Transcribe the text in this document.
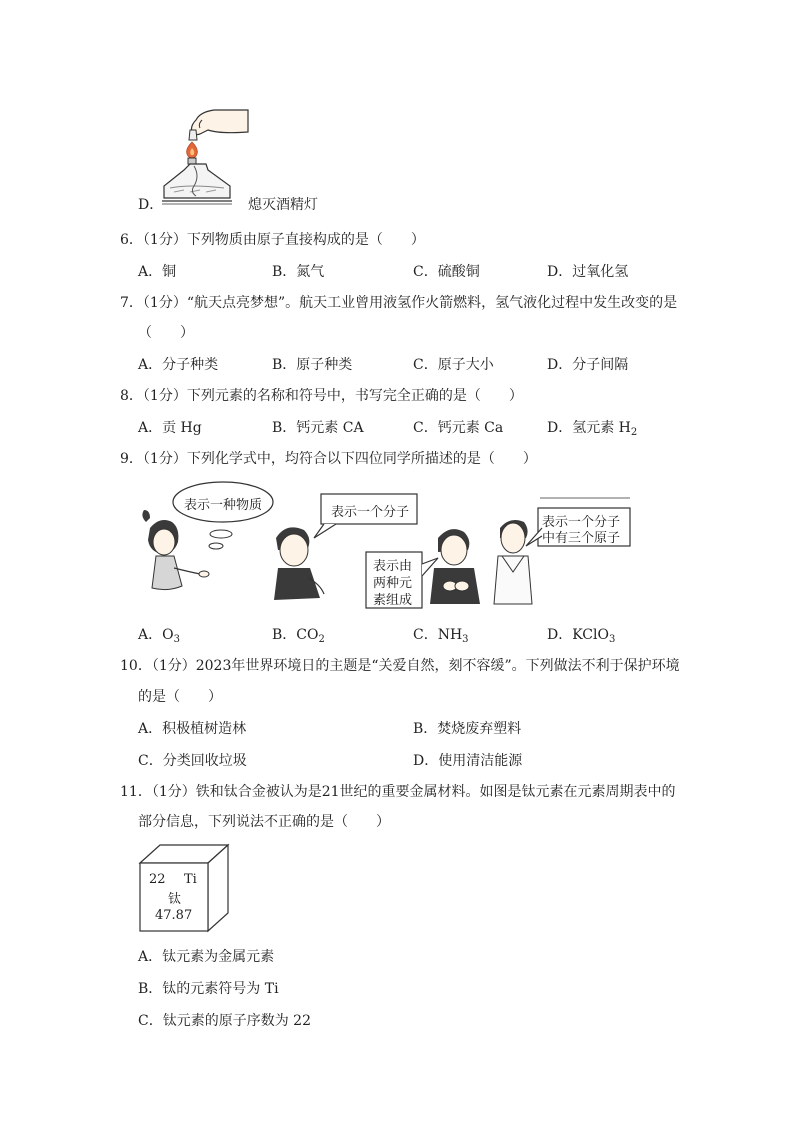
D．	熄灭酒精灯
6．（1分）下列物质由原子直接构成的是（　　）
A．铜	B．氮气	C．硫酸铜	D．过氧化氢
7．（1分）“航天点亮梦想”。航天工业曾用液氢作火箭燃料，氢气液化过程中发生改变的是
（　　）
A．分子种类	B．原子种类	C．原子大小	D．分子间隔
8．（1分）下列元素的名称和符号中，书写完全正确的是（　　）
A．贡 Hg	B．钙元素 CA	C．钙元素 Ca	D．氢元素 $H_2$
9．（1分）下列化学式中，均符合以下四位同学所描述的是（　　）
表示一种物质	表示一个分子
表示由
两种元
素组成
表示一个分子
中有三个原子
A．$O_3$	B．$CO_2$	C．$NH_3$	D．KClO$_3$
10．（1分）2023年世界环境日的主题是“关爱自然，刻不容缓”。下列做法不利于保护环境
的是（　　）
A．积极植树造林	B．焚烧废弃塑料
C．分类回收垃圾	D．使用清洁能源
11．（1分）铁和钛合金被认为是21世纪的重要金属材料。如图是钛元素在元素周期表中的
部分信息，下列说法不正确的是（　　）
22 Ti
钛
47.87
A．钛元素为金属元素
B．钛的元素符号为 Ti
C．钛元素的原子序数为 22
